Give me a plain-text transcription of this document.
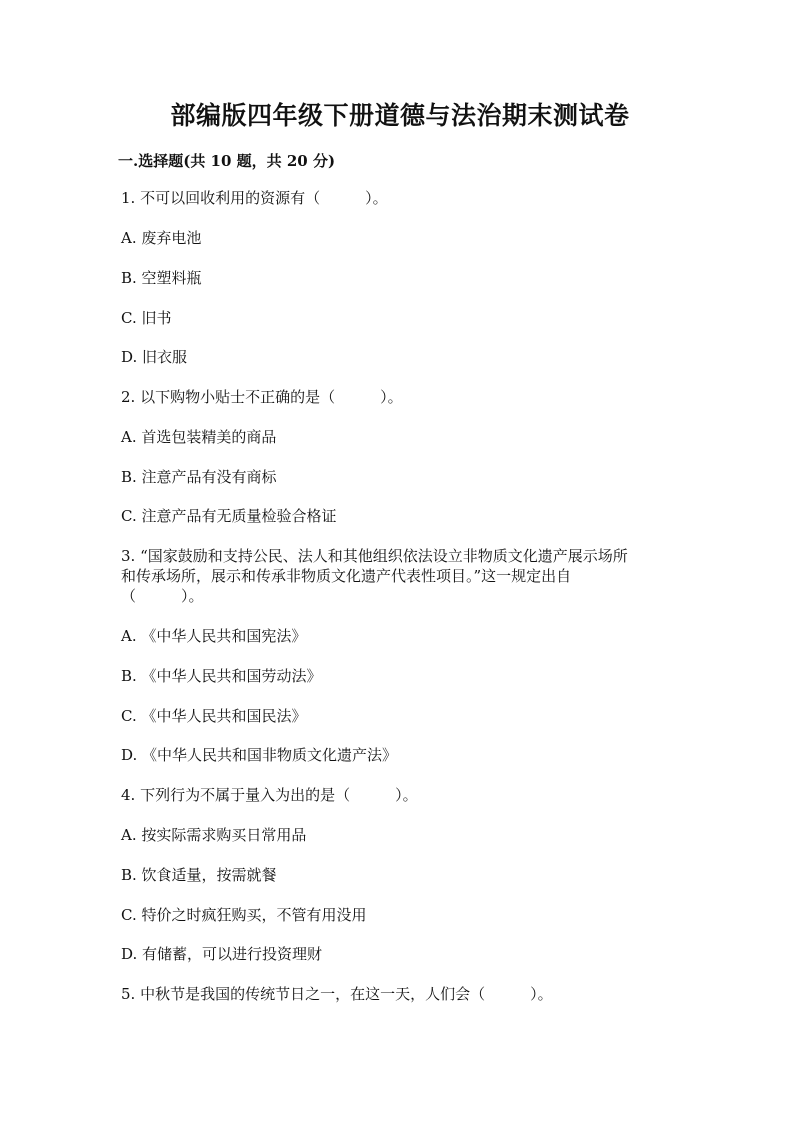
部编版四年级下册道德与法治期末测试卷
一.选择题(共 10 题，共 20 分)
1. 不可以回收利用的资源有（　　　）。
A. 废弃电池
B. 空塑料瓶
C. 旧书
D. 旧衣服
2. 以下购物小贴士不正确的是（　　　）。
A. 首选包装精美的商品
B. 注意产品有没有商标
C. 注意产品有无质量检验合格证
3. “国家鼓励和支持公民、法人和其他组织依法设立非物质文化遗产展示场所
和传承场所，展示和传承非物质文化遗产代表性项目。”这一规定出自
（　　　）。
A. 《中华人民共和国宪法》
B. 《中华人民共和国劳动法》
C. 《中华人民共和国民法》
D. 《中华人民共和国非物质文化遗产法》
4. 下列行为不属于量入为出的是（　　　）。
A. 按实际需求购买日常用品
B. 饮食适量，按需就餐
C. 特价之时疯狂购买，不管有用没用
D. 有储蓄，可以进行投资理财
5. 中秋节是我国的传统节日之一，在这一天，人们会（　　　）。
